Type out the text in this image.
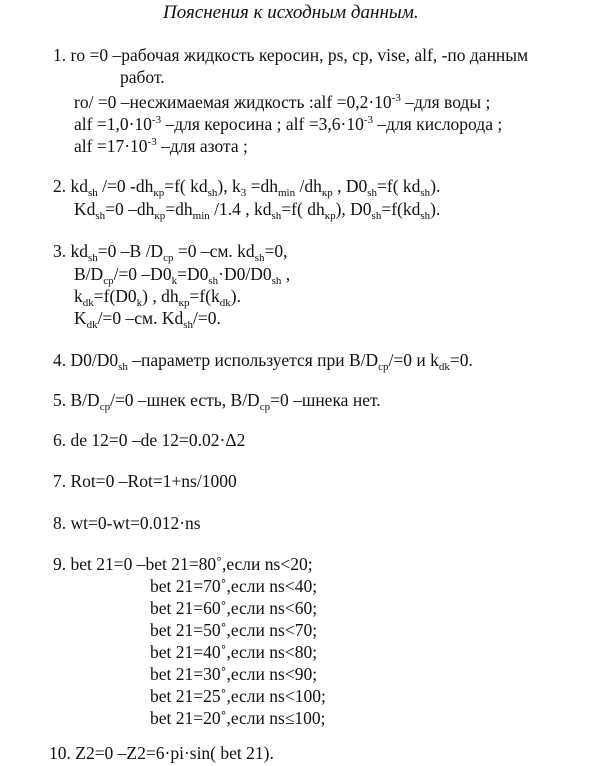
Пояснения к исходным данным.
1. ro =0 –рабочая жидкость керосин, ps, cp, vise, alf, -по данным
работ.
ro/ =0 –несжимаемая жидкость :alf $=0,2\cdot 10^{-3}$ –для воды ;
alf $=1,0\cdot 10^{-3}$ –для керосина ; alf $=3,6\cdot 10^{-3}$ –для кислорода ;
alf $=17\cdot 10^{-3}$ –для азота ;
2. $kd_{sh}$ /=0 $-dh_{кр}=f$( $kd_{sh}$), $k_3 =dh_{min}$ $/dh_{кр}$ , $D0_{sh}=f$( $kd_{sh}$).
$Kd_{sh}=0$ $-dh_{кр}=dh_{min}$ /1.4 , $kd_{sh}=f$( $dh_{кр}$), $D0_{sh}=f(kd_{sh})$.
3. $kd_{sh}=0$ –B $/D_{ср} =0$ –см. $kd_{sh}=0$,
$B/D_{ср}/=0$ $-D0_k=D0_{sh}\cdot D0/D0_{sh}$ ,
$k_{dk}=f(D0_k)$ , $dh_{кр}=f(k_{dk})$.
$K_{dk}/=0$ –см. $Kd_{sh}/=0$.
4. $D0/D0_{sh}$ –параметр используется при $B/D_{ср}/=0$ и $k_{dk}=0$.
5. $B/D_{ср}/=0$ –шнек есть, $B/D_{ср}=0$ –шнека нет.
6. de 12=0 –de 12=0.02·Δ2
7. Rot=0 –Rot=1+ns/1000
8. wt=0-wt=0.012·ns
9. bet 21=0 –bet 21=80˚,если ns<20;
bet 21=70˚,если ns<40;
bet 21=60˚,если ns<60;
bet 21=50˚,если ns<70;
bet 21=40˚,если ns<80;
bet 21=30˚,если ns<90;
bet 21=25˚,если ns<100;
bet 21=20˚,если ns≤100;
10. Z2=0 –Z2=6·pi·sin( bet 21).
